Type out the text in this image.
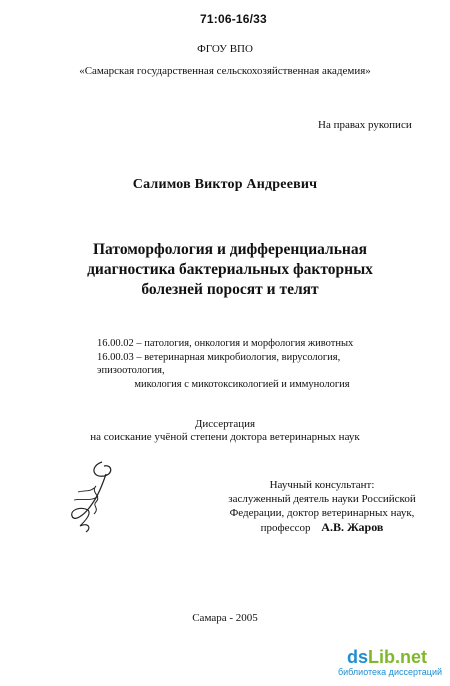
71:06-16/33
ФГОУ ВПО
«Самарская государственная сельскохозяйственная академия»
На правах рукописи
Салимов Виктор Андреевич
Патоморфология и дифференциальная диагностика бактериальных факторных болезней поросят и телят
16.00.02 – патология, онкология и морфология животных
16.00.03 – ветеринарная микробиология, вирусология, эпизоотология,
микология с микотоксикологией и иммунология
Диссертация
на соискание учёной степени доктора ветеринарных наук
Научный консультант:
заслуженный деятель науки Российской
Федерации, доктор ветеринарных наук,
профессор А.В. Жаров
Самара - 2005
dsLib.net
библиотека диссертаций
